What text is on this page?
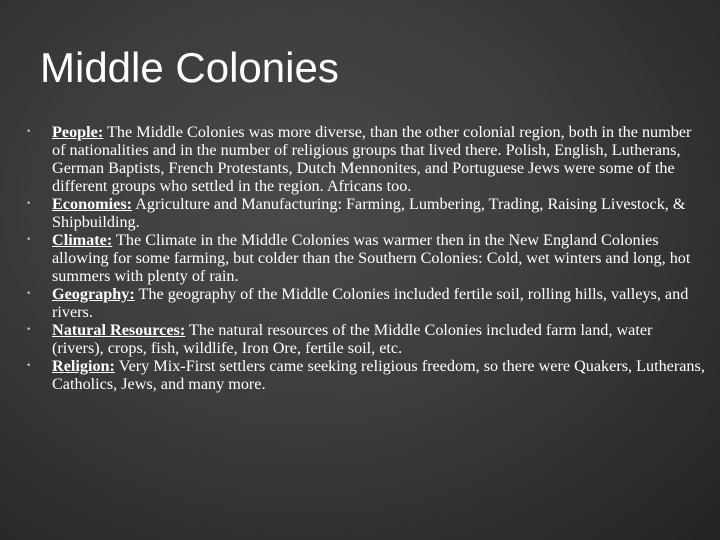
Middle Colonies
•	People: The Middle Colonies was more diverse, than the other colonial region, both in the number of nationalities and in the number of religious groups that lived there. Polish, English, Lutherans, German Baptists, French Protestants, Dutch Mennonites, and Portuguese Jews were some of the different groups who settled in the region. Africans too.
•	Economies: Agriculture and Manufacturing: Farming, Lumbering, Trading, Raising Livestock, & Shipbuilding.
•	Climate: The Climate in the Middle Colonies was warmer then in the New England Colonies allowing for some farming, but colder than the Southern Colonies: Cold, wet winters and long, hot summers with plenty of rain.
•	Geography: The geography of the Middle Colonies included fertile soil, rolling hills, valleys, and rivers.
•	Natural Resources: The natural resources of the Middle Colonies included farm land, water (rivers), crops, fish, wildlife, Iron Ore, fertile soil, etc.
•	Religion: Very Mix-First settlers came seeking religious freedom, so there were Quakers, Lutherans, Catholics, Jews, and many more.
